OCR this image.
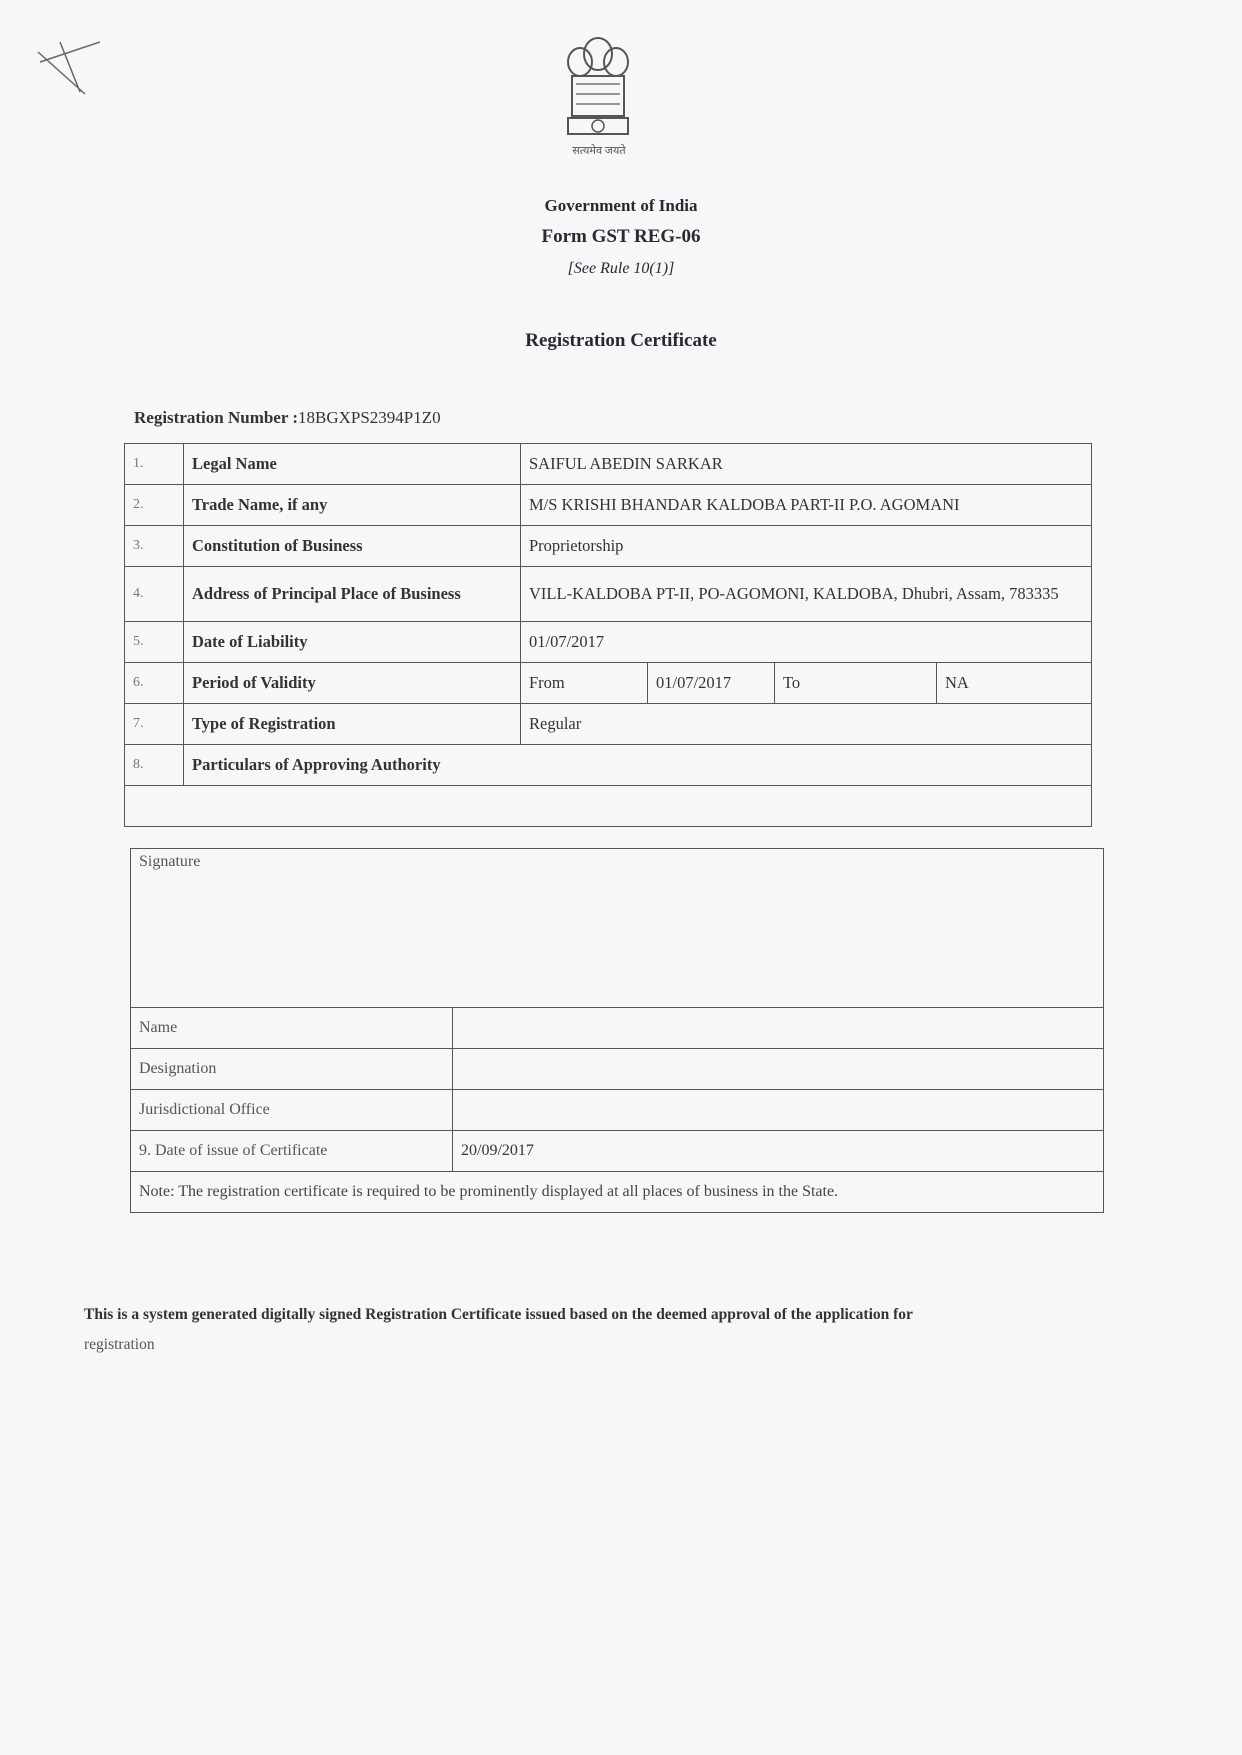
सत्यमेव जयते
Government of India
Form GST REG-06
[See Rule 10(1)]
Registration Certificate
Registration Number :18BGXPS2394P1Z0
1.	Legal Name	SAIFUL ABEDIN SARKAR			
2.	Trade Name, if any	M/S KRISHI BHANDAR KALDOBA PART-II P.O. AGOMANI			
3.	Constitution of Business	Proprietorship			
4.	Address of Principal Place of Business	VILL-KALDOBA PT-II, PO-AGOMONI, KALDOBA, Dhubri, Assam, 783335			
5.	Date of Liability	01/07/2017			
6.	Period of Validity	From	01/07/2017	To	NA
7.	Type of Registration	Regular			
8.	Particulars of Approving Authority				

Signature	
Name	
Designation	
Jurisdictional Office	
9. Date of issue of Certificate	20/09/2017
Note: The registration certificate is required to be prominently displayed at all places of business in the State.	
This is a system generated digitally signed Registration Certificate issued based on the deemed approval of the application for
registration
